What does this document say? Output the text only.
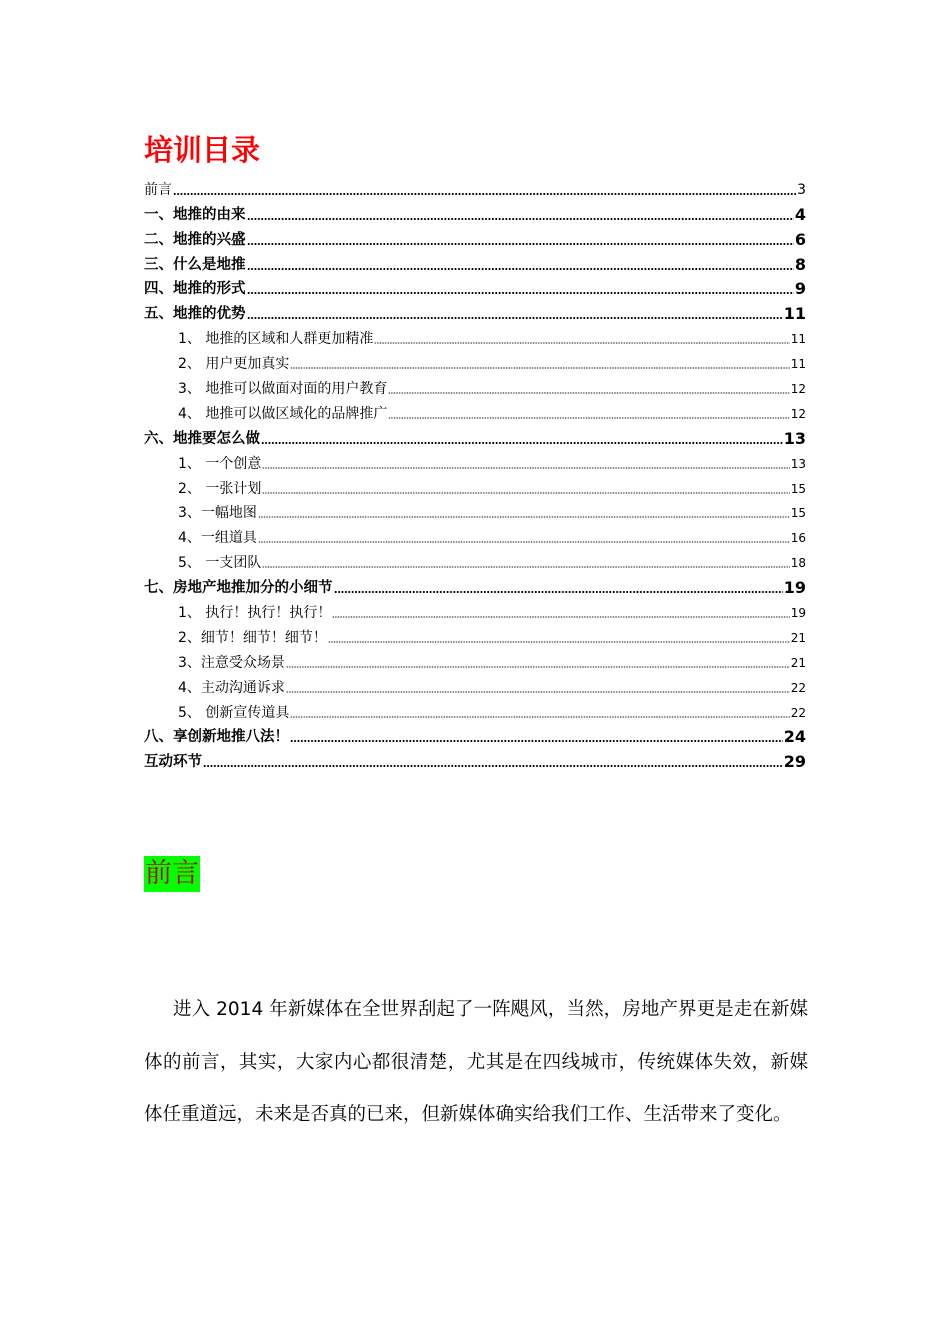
培训目录
前言	3
一、地推的由来	4
二、地推的兴盛	6
三、什么是地推	8
四、地推的形式	9
五、地推的优势	11
1、 地推的区域和人群更加精准	11
2、 用户更加真实	11
3、 地推可以做面对面的用户教育	12
4、 地推可以做区域化的品牌推广	12
六、地推要怎么做	13
1、 一个创意	13
2、 一张计划	15
3、一幅地图	15
4、一组道具	16
5、 一支团队	18
七、房地产地推加分的小细节	19
1、 执行！执行！执行！	19
2、细节！细节！细节！	21
3、注意受众场景	21
4、主动沟通诉求	22
5、 创新宣传道具	22
八、享创新地推八法！	24
互动环节	29
前言

进入 2014 年新媒体在全世界刮起了一阵飓风，当然，房地产界更是走在新媒体的前言，其实，大家内心都很清楚，尤其是在四线城市，传统媒体失效，新媒体任重道远，未来是否真的已来，但新媒体确实给我们工作、生活带来了变化。
